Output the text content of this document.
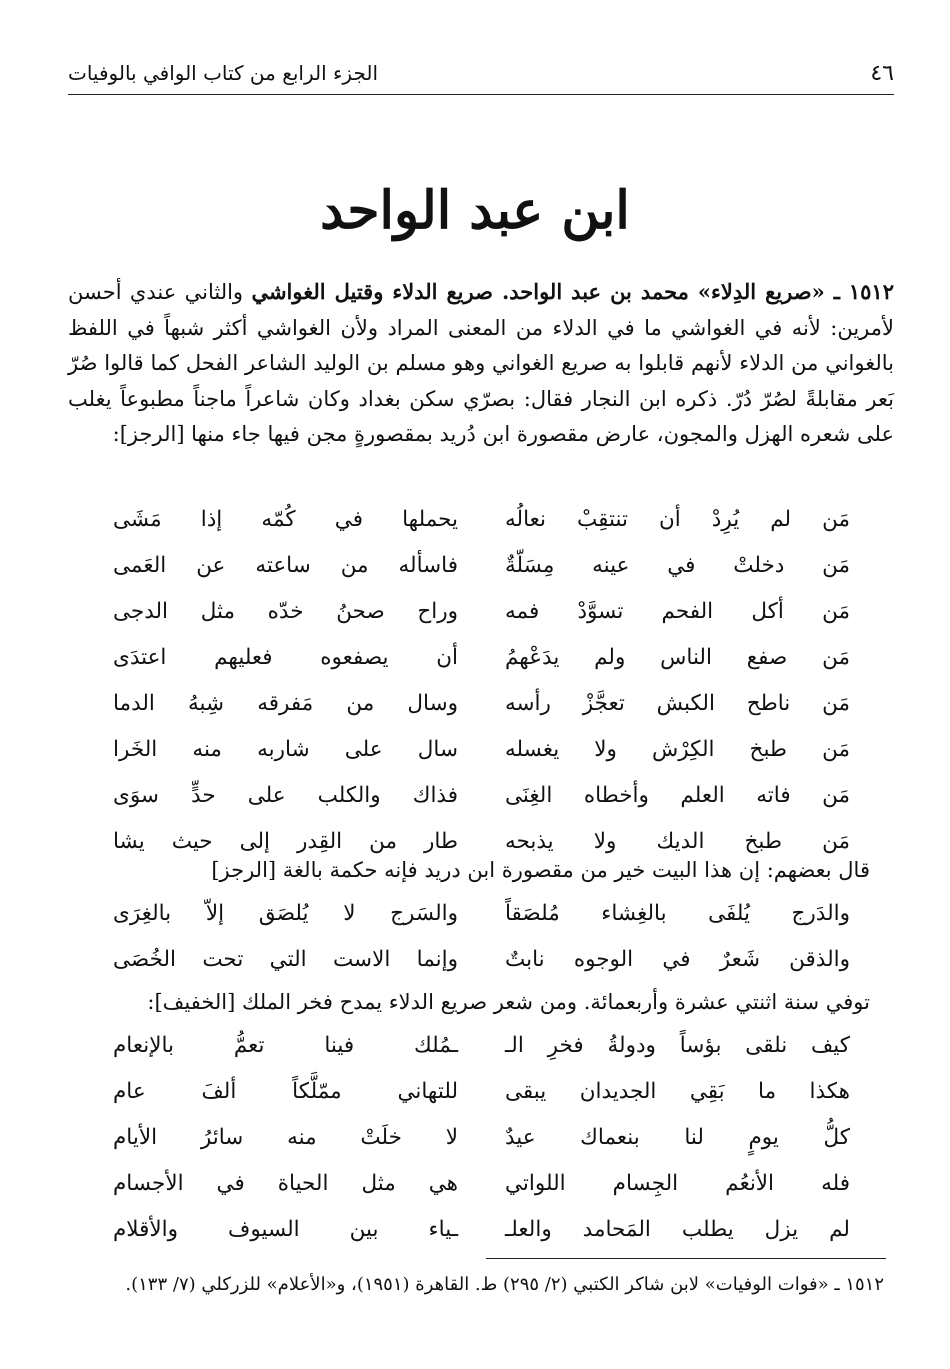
٤٦
الجزء الرابع من كتاب الوافي بالوفيات
ابن عبد الواحد
١٥١٢ ـ «صريع الدِلاء» محمد بن عبد الواحد. صريع الدلاء وقتيل الغواشي والثاني عندي أحسن لأمرين: لأنه في الغواشي ما في الدلاء من المعنى المراد ولأن الغواشي أكثر شبهاً في اللفظ بالغواني من الدلاء لأنهم قابلوا به صريع الغواني وهو مسلم بن الوليد الشاعر الفحل كما قالوا صُرّ بَعر مقابلةً لصُرّ دُرّ. ذكره ابن النجار فقال: بصرّي سكن بغداد وكان شاعراً ماجناً مطبوعاً يغلب على شعره الهزل والمجون، عارض مقصورة ابن دُريد بمقصورةٍ مجن فيها جاء منها [الرجز]:
مَن لم يُرِدْ أن تنتقِبْ نعالُه
يحملها في كُمّه إذا مَشَى
مَن دخلتْ في عينه مِسَلّةٌ
فاسأله من ساعته عن العَمى
مَن أكل الفحم تسوَّدْ فمه
وراح صحنُ خدّه مثل الدجى
مَن صفع الناس ولم يدَعْهمُ
أن يصفعوه فعليهم اعتدَى
مَن ناطح الكبش تعجَّزْ رأسه
وسال من مَفرقه شِبهُ الدما
مَن طبخ الكِرْش ولا يغسله
سال على شاربه منه الخَرا
مَن فاته العلم وأخطاه الغِنَى
فذاك والكلب على حدٍّ سوَى
مَن طبخ الديك ولا يذبحه
طار من القِدر إلى حيث يشا
قال بعضهم: إن هذا البيت خير من مقصورة ابن دريد فإنه حكمة بالغة [الرجز]
والدَرج يُلفَى بالغِشاء مُلصَقاً
والسَرج لا يُلصَق إلاّ بالغِرَى
والذقن شَعرٌ في الوجوه نابتٌ
وإنما الاست التي تحت الخُصَى
توفي سنة اثنتي عشرة وأربعمائة. ومن شعر صريع الدلاء يمدح فخر الملك [الخفيف]:
كيف نلقى بؤساً ودولةُ فخرِ الـ
ـمُلك فينا تعمُّ بالإنعام
هكذا ما بَقِي الجديدان يبقى
للتهاني ممّلَّكاً ألفَ عام
كلُّ يومٍ لنا بنعماك عيدٌ
لا خلَتْ منه سائرُ الأيام
فله الأنعُم الجِسام اللواتي
هي مثل الحياة في الأجسام
لم يزل يطلب المَحامد والعلـ
ـياء بين السيوف والأقلام
١٥١٢ ـ «فوات الوفيات» لابن شاكر الكتبي (٢/ ٢٩٥) ط. القاهرة (١٩٥١)، و«الأعلام» للزركلي (٧/ ١٣٣).
